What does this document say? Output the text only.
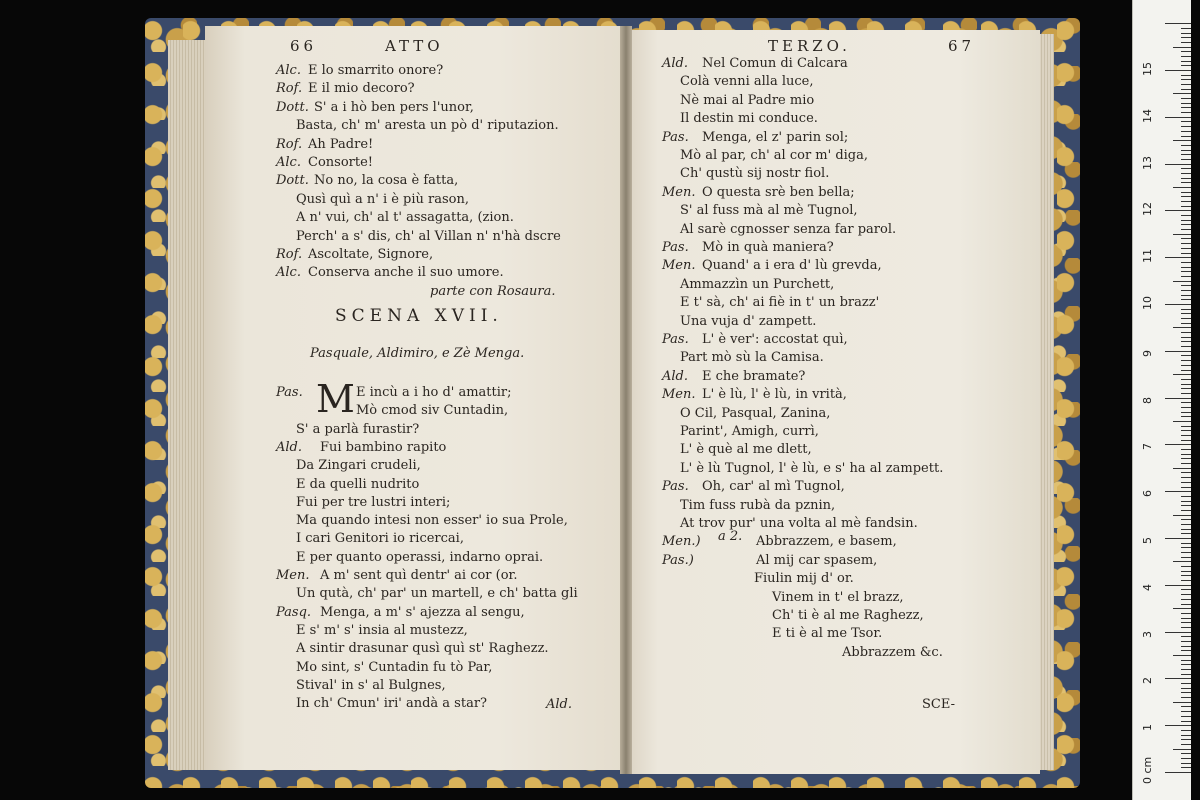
66	ATTO

Alc. E lo smarrito onore?

Rof. E il mio decoro?

Dott. S' a i hò ben pers l'unor,

Basta, ch' m' aresta un pò d' riputazion.

Rof. Ah Padre!

Alc. Consorte!

Dott. No no, la cosa è fatta,

Qusì quì a n' i è più rason,

A n' vui, ch' al t' assagatta, (zion.

Perch' a s' dis, ch' al Villan n' n'hà dscre

Rof. Ascoltate, Signore,

Alc. Conserva anche il suo umore.

parte con Rosaura.

SCENA XVII.

Pasquale, Aldimiro, e Zè Menga.

Pas.	E incù a i ho d' amattir;

Mò cmod siv Cuntadin,

S' a parlà furastir?

Ald. Fui bambino rapito

Da Zingari crudeli,

E da quelli nudrito

Fui per tre lustri interi;

Ma quando intesi non esser' io sua Prole,

I cari Genitori io ricercai,

E per quanto operassi, indarno oprai.

Men. A m' sent quì dentr' ai cor (or.

Un qutà, ch' par' un martell, e ch' batta gli

Pasq. Menga, a m' s' ajezza al sengu,

E s' m' s' insia al mustezz,

A sintir drasunar qusì quì st' Raghezz.

Mo sint, s' Cuntadin fu tò Par,

Stival' in s' al Bulgnes,

In ch' Cmun' iri' andà a star?	Ald.

TERZO.	67

Ald. Nel Comun di Calcara

Colà venni alla luce,

Nè mai al Padre mio

Il destin mi conduce.

Pas. Menga, el z' parin sol;

Mò al par, ch' al cor m' diga,

Ch' qustù sij nostr fiol.

Men. O questa srè ben bella;

S' al fuss mà al mè Tugnol,

Al sarè cgnosser senza far parol.

Pas. Mò in quà maniera?

Men. Quand' a i era d' lù grevda,

Ammazzìn un Purchett,

E t' sà, ch' ai fiè in t' un brazz'

Una vuja d' zampett.

Pas. L' è ver': accostat quì,

Part mò sù la Camisa.

Ald. E che bramate?

Men. L' è lù, l' è lù, in vrità,

O Cil, Pasqual, Zanina,

Parint', Amigh, currì,

L' è què al me dlett,

L' è lù Tugnol, l' è lù, e s' ha al zampett.

Pas. Oh, car' al mì Tugnol,

Tim fuss rubà da pznin,

At trov pur' una volta al mè fandsin.

Men.)	Abbrazzem, e basem,

Pas.)	Al mij car spasem,

Fiulin mij d' or.

Vinem in t' el brazz,

Ch' ti è al me Raghezz,

E ti è al me Tsor.

Abbrazzem &c.

a 2.

SCE-

M

0 cm

1

2

3

4

5

6

7

8

9

10

11

12

13

14

15
